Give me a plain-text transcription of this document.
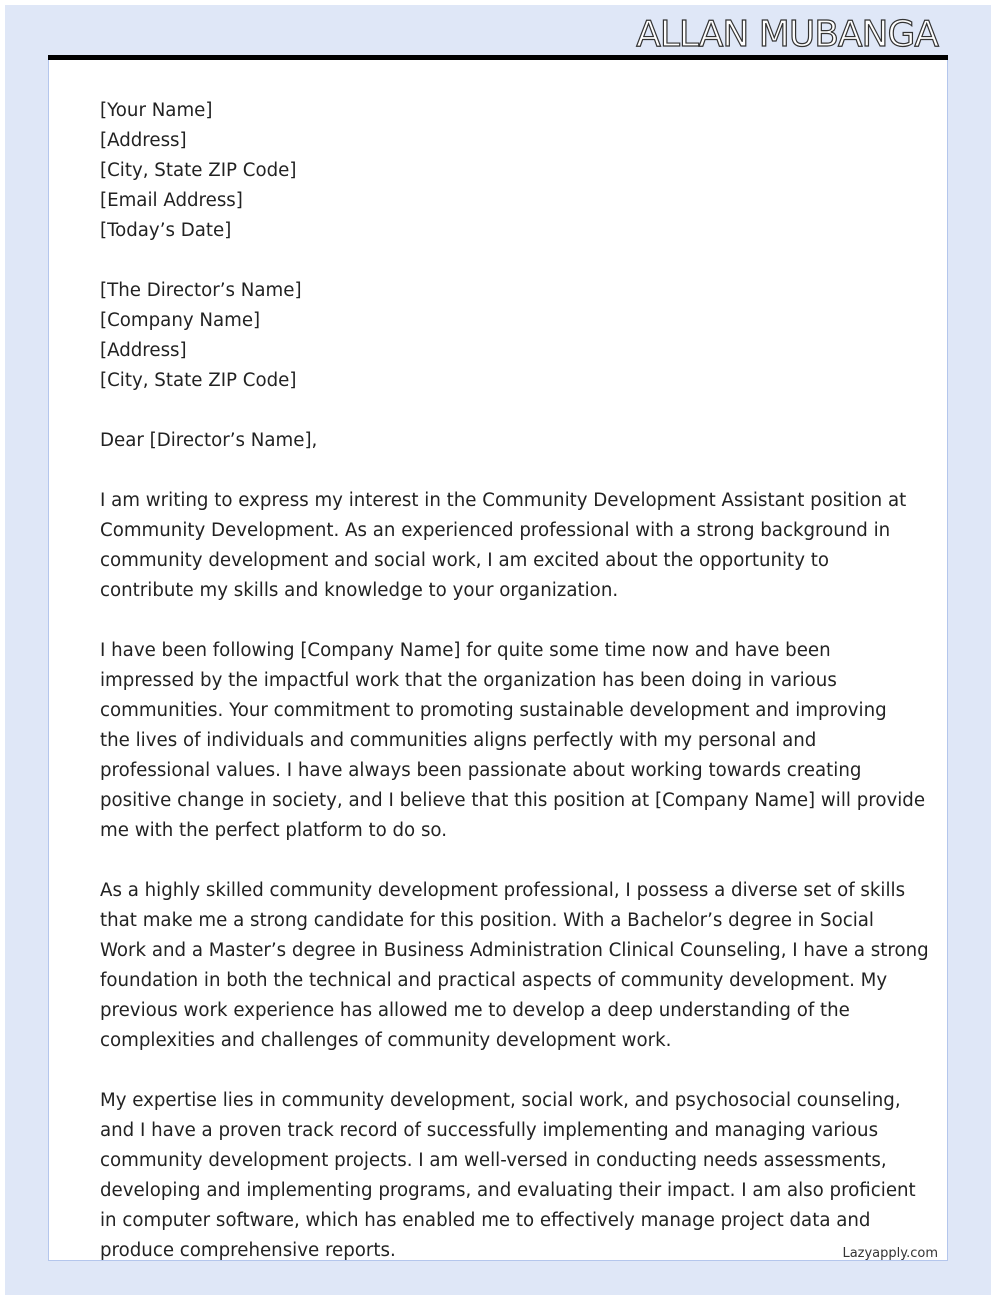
[Your Name]
[Address]
[City, State ZIP Code]
[Email Address]
[Today’s Date]
[The Director’s Name]
[Company Name]
[Address]
[City, State ZIP Code]
Dear [Director’s Name],
I am writing to express my interest in the Community Development Assistant position at
Community Development. As an experienced professional with a strong background in
community development and social work, I am excited about the opportunity to
contribute my skills and knowledge to your organization.
I have been following [Company Name] for quite some time now and have been
impressed by the impactful work that the organization has been doing in various
communities. Your commitment to promoting sustainable development and improving
the lives of individuals and communities aligns perfectly with my personal and
professional values. I have always been passionate about working towards creating
positive change in society, and I believe that this position at [Company Name] will provide
me with the perfect platform to do so.
As a highly skilled community development professional, I possess a diverse set of skills
that make me a strong candidate for this position. With a Bachelor’s degree in Social
Work and a Master’s degree in Business Administration Clinical Counseling, I have a strong
foundation in both the technical and practical aspects of community development. My
previous work experience has allowed me to develop a deep understanding of the
complexities and challenges of community development work.
My expertise lies in community development, social work, and psychosocial counseling,
and I have a proven track record of successfully implementing and managing various
community development projects. I am well-versed in conducting needs assessments,
developing and implementing programs, and evaluating their impact. I am also proficient
in computer software, which has enabled me to effectively manage project data and
produce comprehensive reports.
ALLAN MUBANGA
Lazyapply.com
